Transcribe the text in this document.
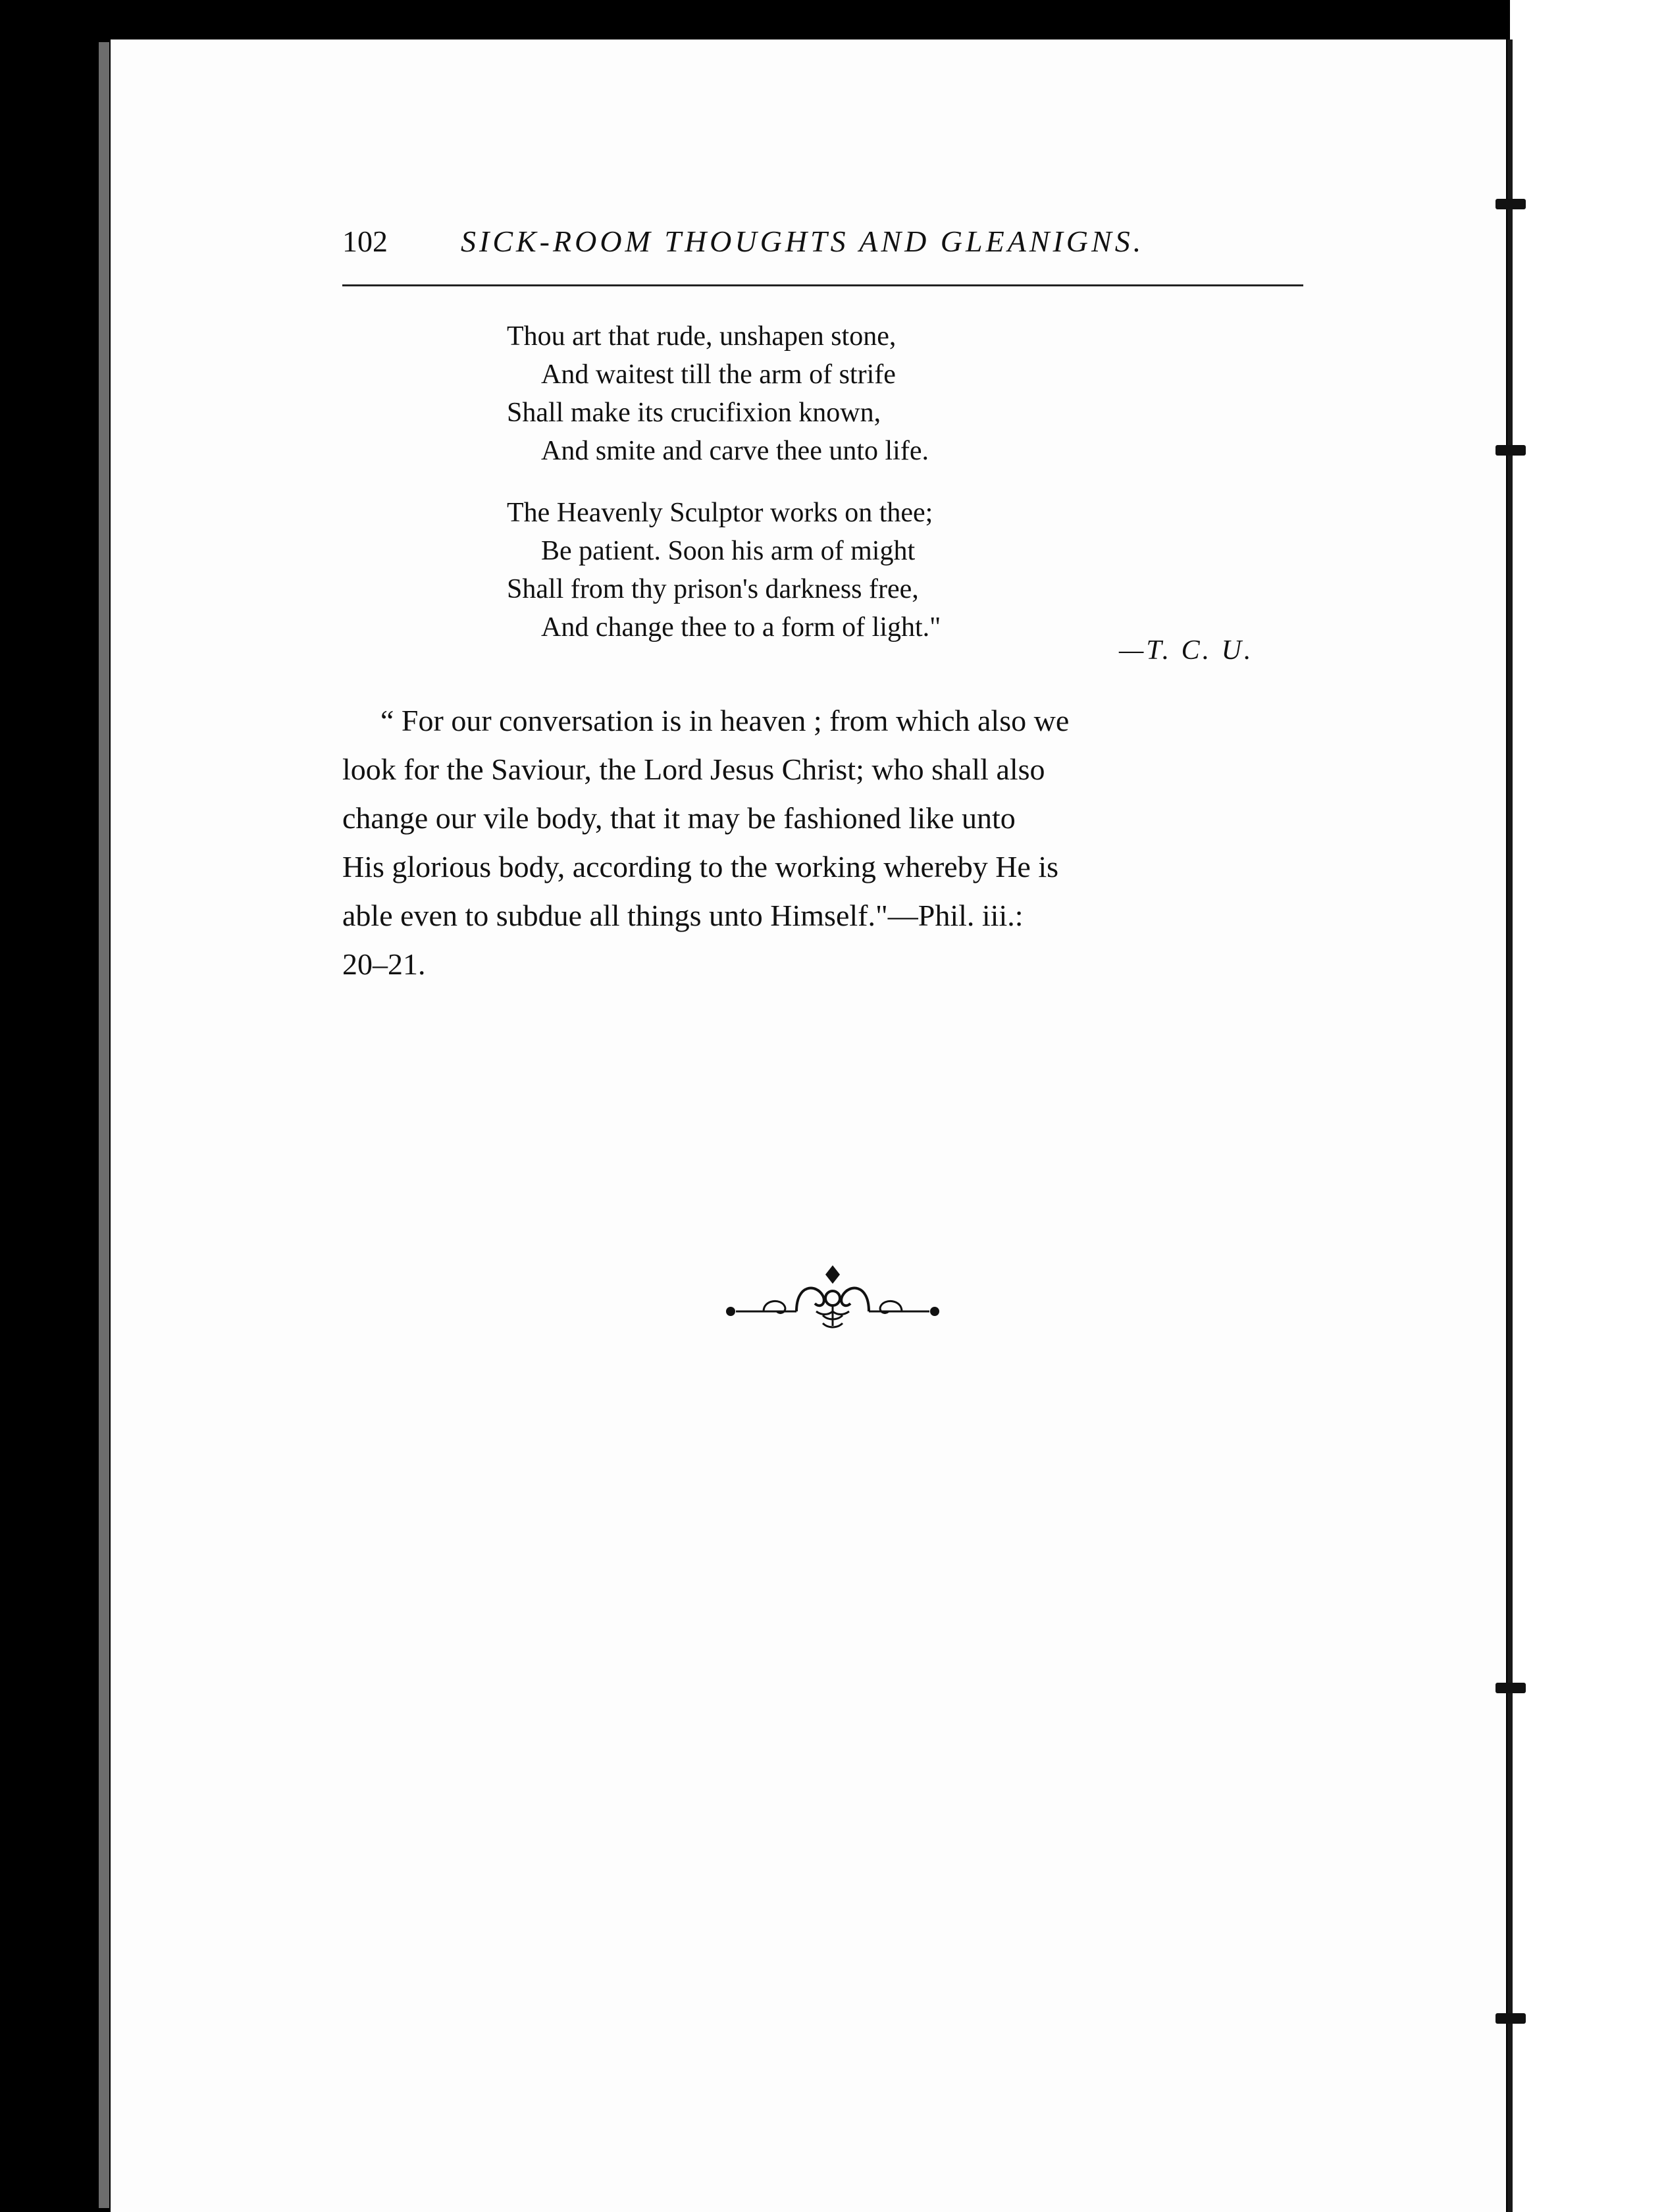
102 SICK-ROOM THOUGHTS AND GLEANIGNS.
Thou art that rude, unshapen stone,
And waitest till the arm of strife
Shall make its crucifixion known,
And smite and carve thee unto life.
The Heavenly Sculptor works on thee;
Be patient. Soon his arm of might
Shall from thy prison's darkness free,
And change thee to a form of light."
—T. C. U.
“ For our conversation is in heaven ; from which also we
look for the Saviour, the Lord Jesus Christ; who shall also
change our vile body, that it may be fashioned like unto
His glorious body, according to the working whereby He is
able even to subdue all things unto Himself."—Phil. iii.:
20–21.
